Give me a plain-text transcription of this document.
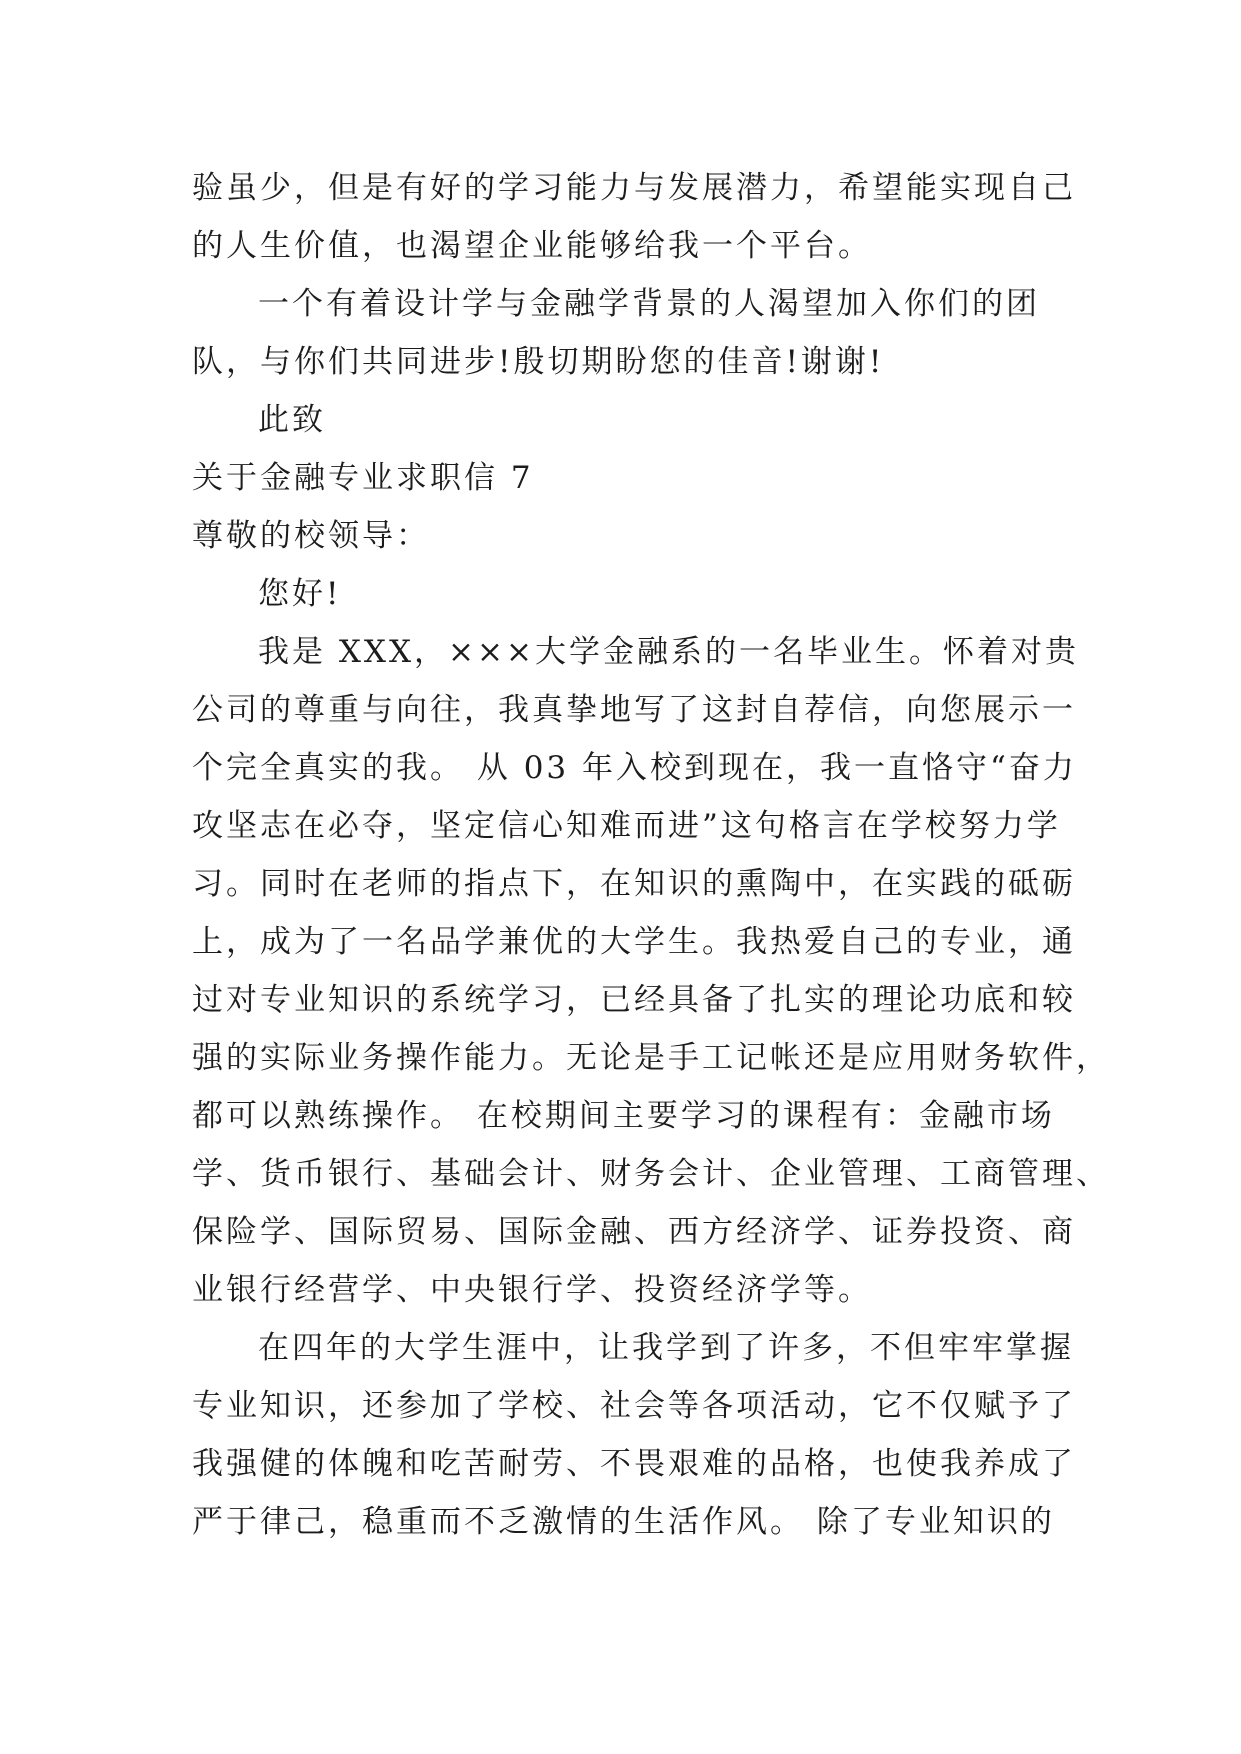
验虽少，但是有好的学习能力与发展潜力，希望能实现自己
的人生价值，也渴望企业能够给我一个平台。
一个有着设计学与金融学背景的人渴望加入你们的团
队，与你们共同进步!殷切期盼您的佳音!谢谢!
此致
关于金融专业求职信 7
尊敬的校领导：
您好!
我是 XXX，×××大学金融系的一名毕业生。怀着对贵
公司的尊重与向往，我真挚地写了这封自荐信，向您展示一
个完全真实的我。 从 03 年入校到现在，我一直恪守“奋力
攻坚志在必夺，坚定信心知难而进”这句格言在学校努力学
习。同时在老师的指点下，在知识的熏陶中，在实践的砥砺
上，成为了一名品学兼优的大学生。我热爱自己的专业，通
过对专业知识的系统学习，已经具备了扎实的理论功底和较
强的实际业务操作能力。无论是手工记帐还是应用财务软件，
都可以熟练操作。 在校期间主要学习的课程有：金融市场
学、货币银行、基础会计、财务会计、企业管理、工商管理、
保险学、国际贸易、国际金融、西方经济学、证券投资、商
业银行经营学、中央银行学、投资经济学等。
在四年的大学生涯中，让我学到了许多，不但牢牢掌握
专业知识，还参加了学校、社会等各项活动，它不仅赋予了
我强健的体魄和吃苦耐劳、不畏艰难的品格，也使我养成了
严于律己，稳重而不乏激情的生活作风。 除了专业知识的
